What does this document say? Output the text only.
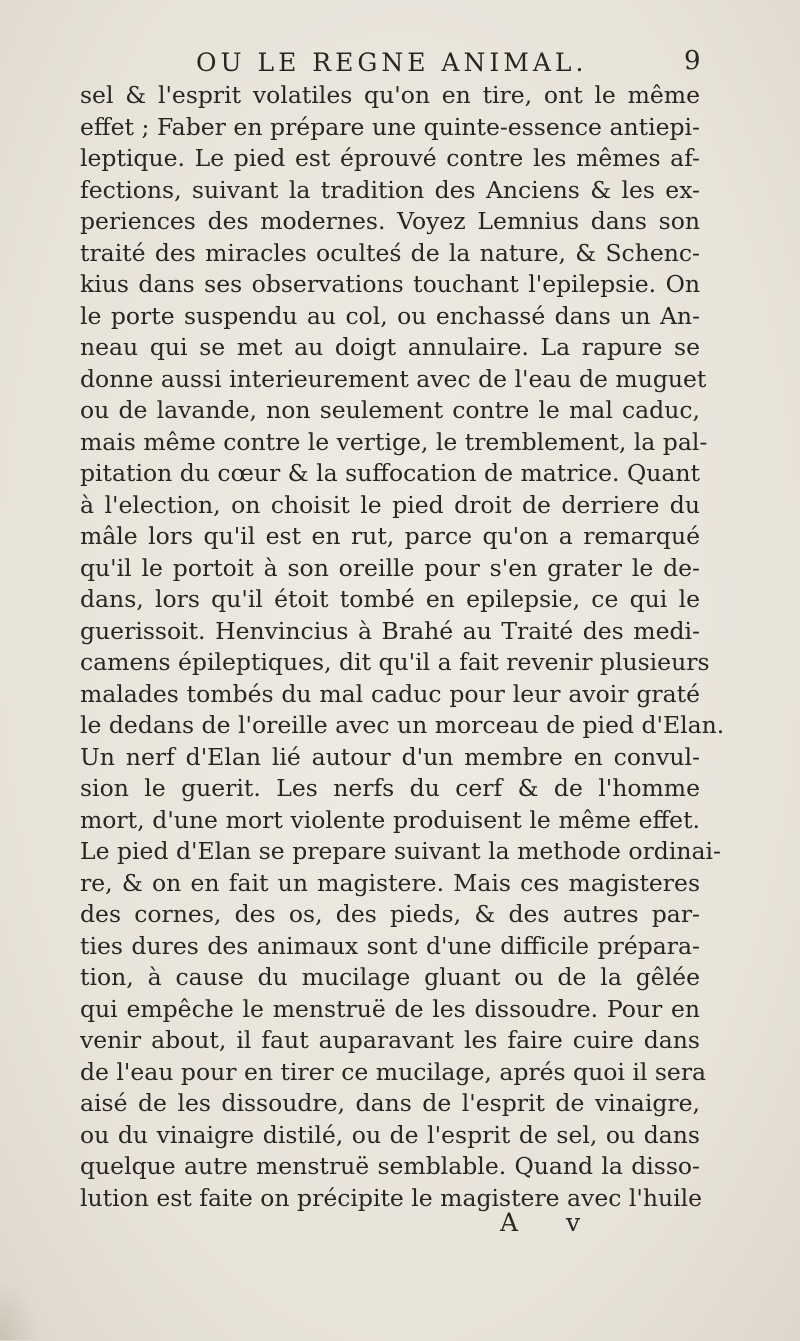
OU LE REGNE ANIMAL.	9
sel & l'esprit volatiles qu'on en tire, ont le même
effet ; Faber en prépare une quinte-essence antiepi-
leptique. Le pied est éprouvé contre les mêmes af-
fections, suivant la tradition des Anciens & les ex-
periences des modernes. Voyez Lemnius dans son
traité des miracles oculteś de la nature, & Schenc-
kius dans ses observations touchant l'epilepsie. On
le porte suspendu au col, ou enchassé dans un An-
neau qui se met au doigt annulaire. La rapure se
donne aussi interieurement avec de l'eau de muguet
ou de lavande, non seulement contre le mal caduc,
mais même contre le vertige, le tremblement, la pal-
pitation du cœur & la suffocation de matrice. Quant
à l'election, on choisit le pied droit de derriere du
mâle lors qu'il est en rut, parce qu'on a remarqué
qu'il le portoit à son oreille pour s'en grater le de-
dans, lors qu'il étoit tombé en epilepsie, ce qui le
guerissoit. Henvincius à Brahé au Traité des medi-
camens épileptiques, dit qu'il a fait revenir plusieurs
malades tombés du mal caduc pour leur avoir graté
le dedans de l'oreille avec un morceau de pied d'Elan.
Un nerf d'Elan lié autour d'un membre en convul-
sion le guerit. Les nerfs du cerf & de l'homme
mort, d'une mort violente produisent le même effet.
Le pied d'Elan se prepare suivant la methode ordinai-
re, & on en fait un magistere. Mais ces magisteres
des cornes, des os, des pieds, & des autres par-
ties dures des animaux sont d'une difficile prépara-
tion, à cause du mucilage gluant ou de la gêlée
qui empêche le menstruë de les dissoudre. Pour en
venir about, il faut auparavant les faire cuire dans
de l'eau pour en tirer ce mucilage, aprés quoi il sera
aisé de les dissoudre, dans de l'esprit de vinaigre,
ou du vinaigre distilé, ou de l'esprit de sel, ou dans
quelque autre menstruë semblable. Quand la disso-
lution est faite on précipite le magistere avec l'huile
A v
